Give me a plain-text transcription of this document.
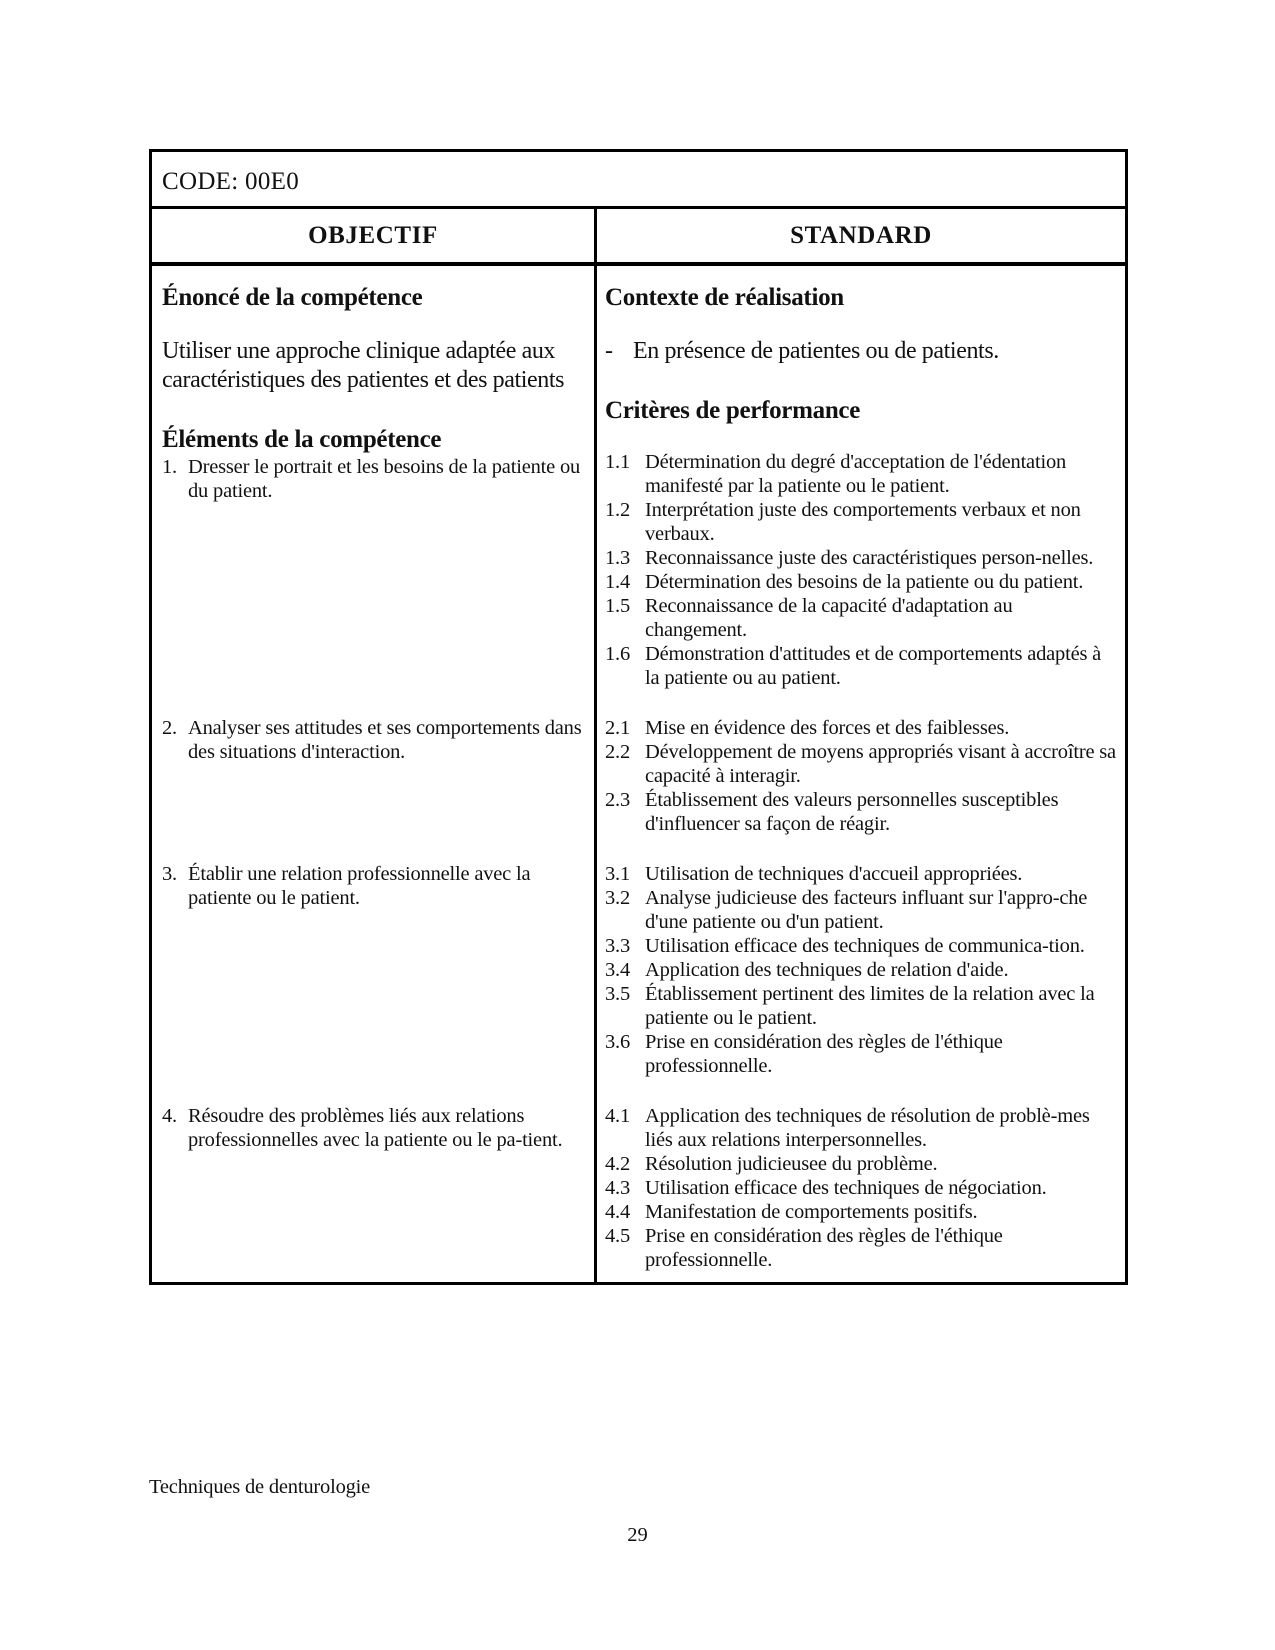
CODE: 00E0
OBJECTIF	STANDARD
Énoncé de la compétence
Utiliser une approche clinique adaptée aux caractéristiques des patientes et des patients
Éléments de la compétence
1. Dresser le portrait et les besoins de la patiente ou du patient.
2. Analyser ses attitudes et ses comportements dans des situations d'interaction.
3. Établir une relation professionnelle avec la patiente ou le patient.
4. Résoudre des problèmes liés aux relations professionnelles avec la patiente ou le pa-tient.
Contexte de réalisation
- En présence de patientes ou de patients.
Critères de performance
1.1 Détermination du degré d'acceptation de l'édentation manifesté par la patiente ou le patient.
1.2 Interprétation juste des comportements verbaux et non verbaux.
1.3 Reconnaissance juste des caractéristiques person-nelles.
1.4 Détermination des besoins de la patiente ou du patient.
1.5 Reconnaissance de la capacité d'adaptation au changement.
1.6 Démonstration d'attitudes et de comportements adaptés à la patiente ou au patient.
2.1 Mise en évidence des forces et des faiblesses.
2.2 Développement de moyens appropriés visant à accroître sa capacité à interagir.
2.3 Établissement des valeurs personnelles susceptibles d'influencer sa façon de réagir.
3.1 Utilisation de techniques d'accueil appropriées.
3.2 Analyse judicieuse des facteurs influant sur l'appro-che d'une patiente ou d'un patient.
3.3 Utilisation efficace des techniques de communica-tion.
3.4 Application des techniques de relation d'aide.
3.5 Établissement pertinent des limites de la relation avec la patiente ou le patient.
3.6 Prise en considération des règles de l'éthique professionnelle.
4.1 Application des techniques de résolution de problè-mes liés aux relations interpersonnelles.
4.2 Résolution judicieusee du problème.
4.3 Utilisation efficace des techniques de négociation.
4.4 Manifestation de comportements positifs.
4.5 Prise en considération des règles de l'éthique professionnelle.
Techniques de denturologie
29
